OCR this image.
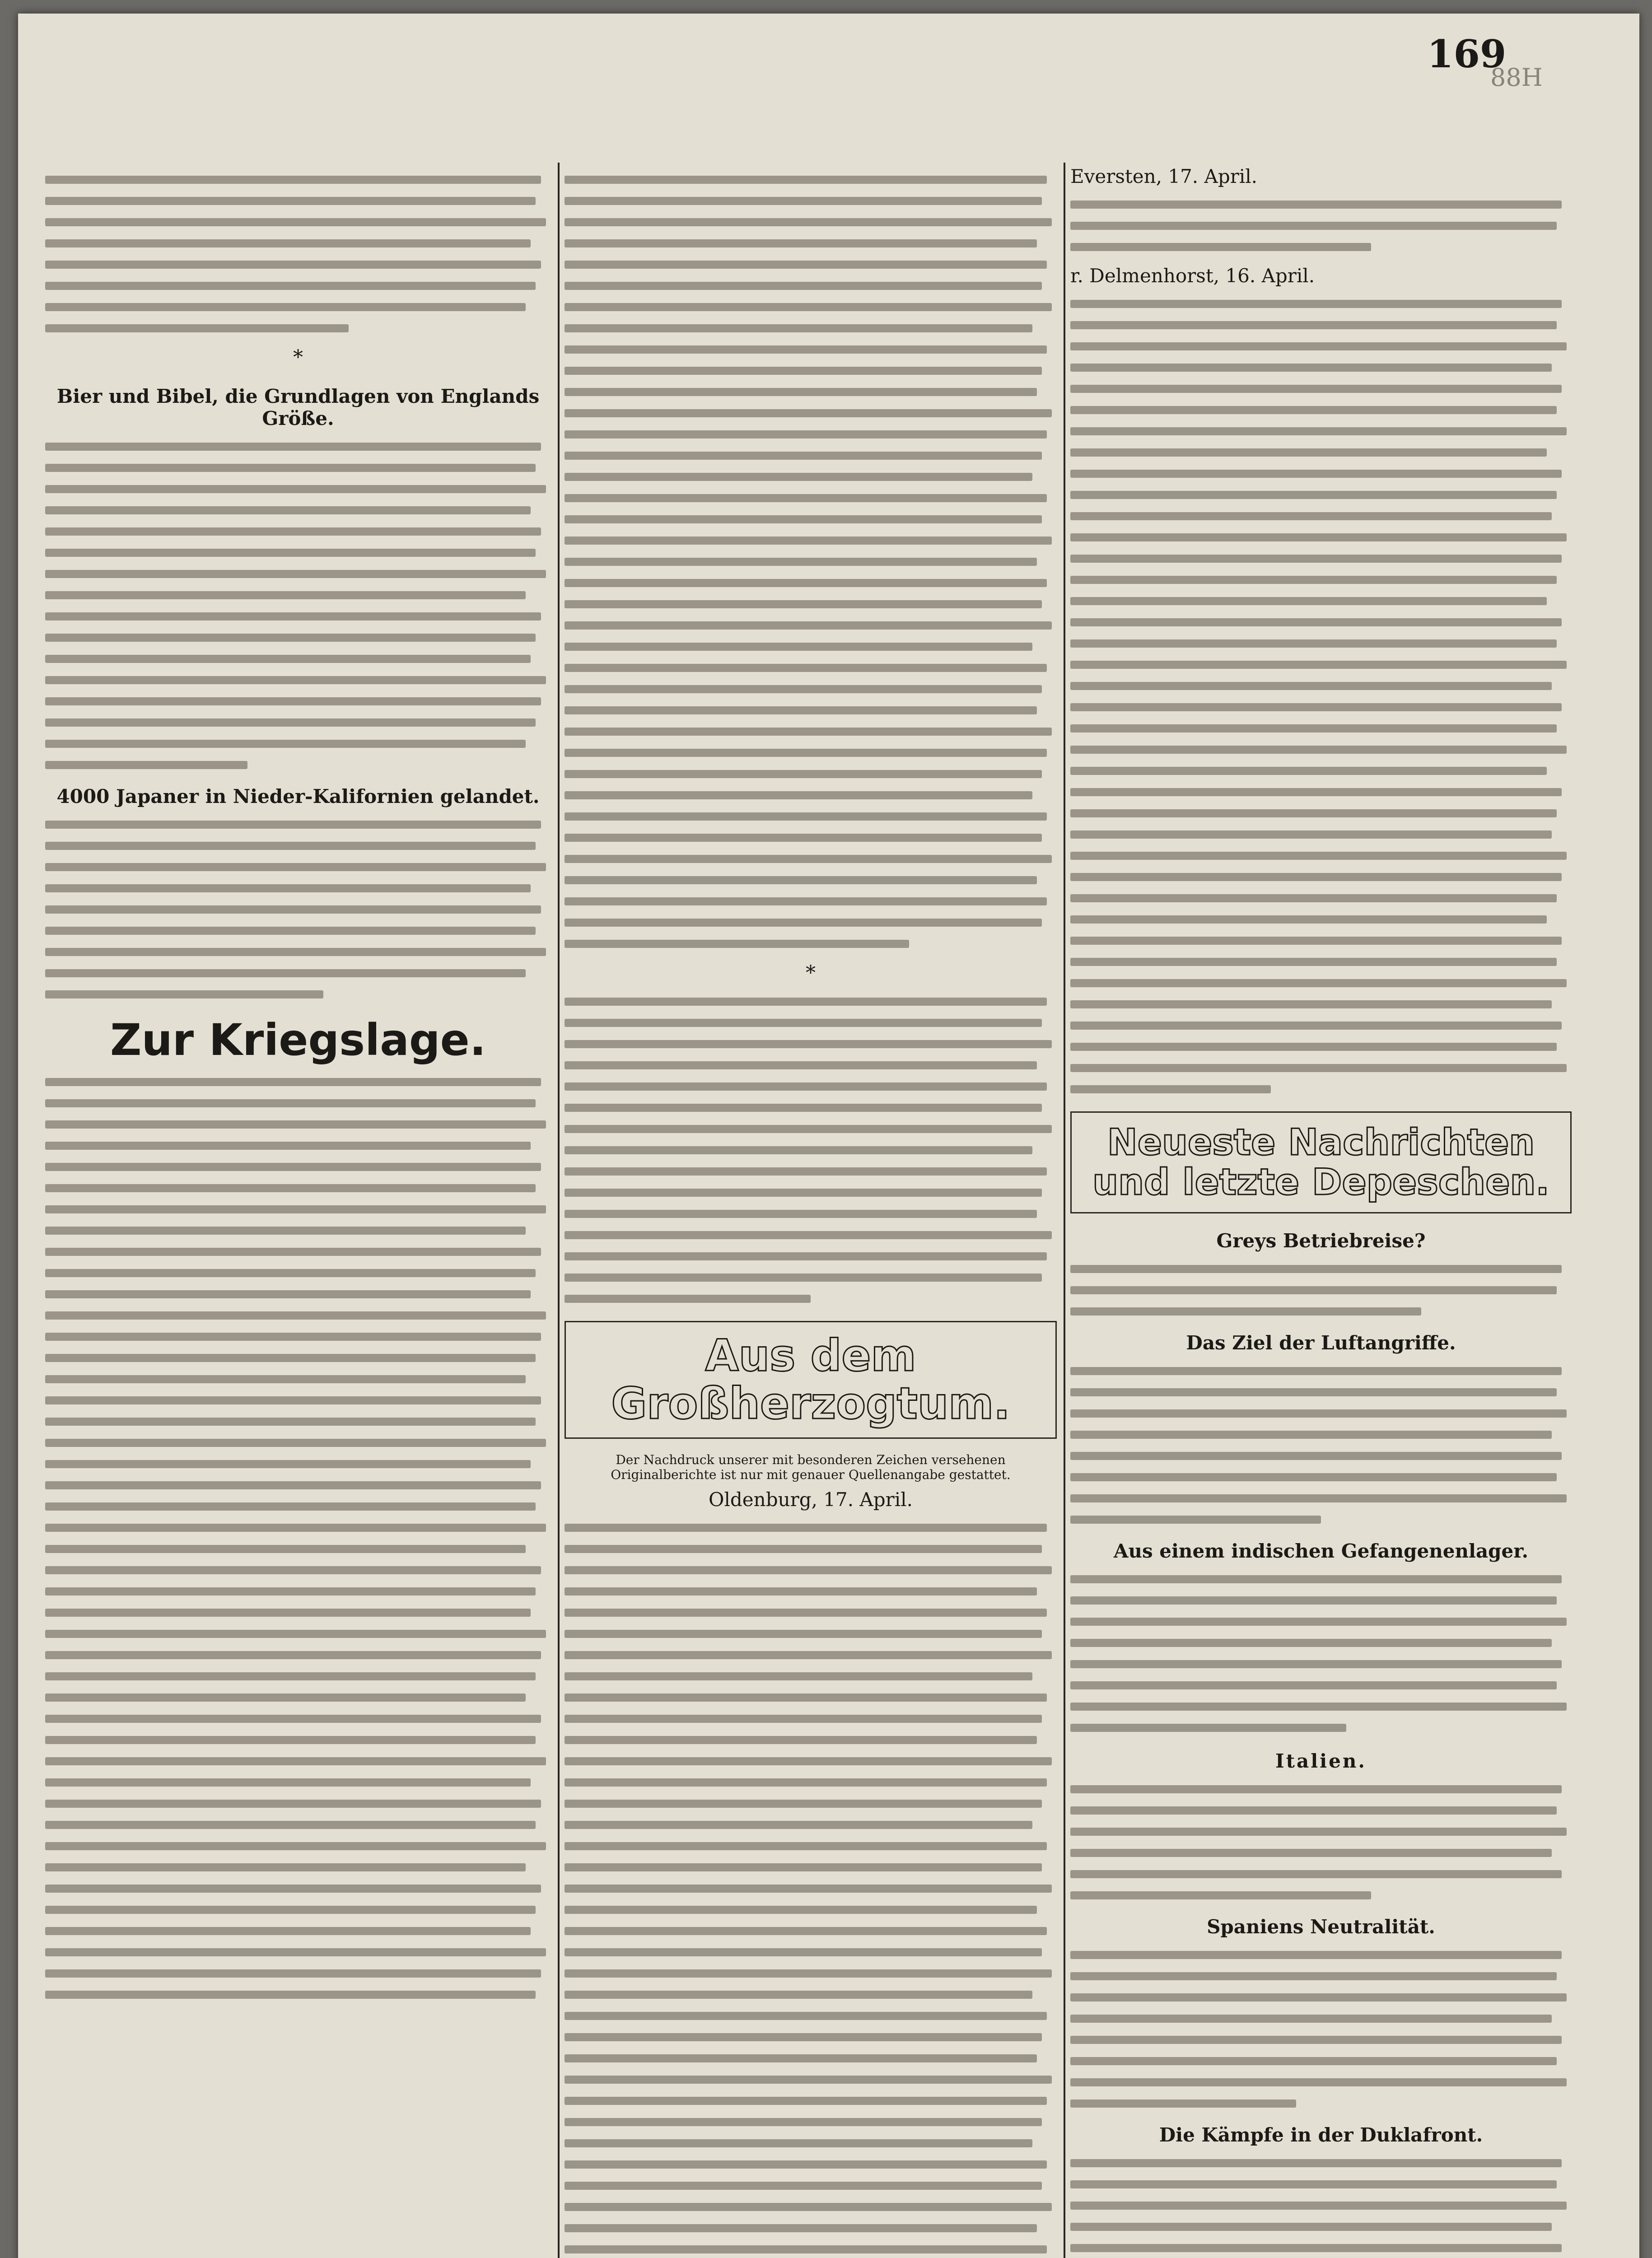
169
88H
*
Bier und Bibel, die Grundlagen von Englands Größe.
4000 Japaner in Nieder-Kalifornien gelandet.
Zur Kriegslage.
*
Aus dem Großherzogtum.
Der Nachdruck unserer mit besonderen Zeichen versehenen Originalberichte ist nur mit genauer Quellenangabe gestattet.
Oldenburg, 17. April.
Eversten, 17. April.
r. Delmenhorst, 16. April.
Neueste Nachrichten und letzte Depeschen.
Greys Betriebreise?
Das Ziel der Luftangriffe.
Aus einem indischen Gefangenenlager.
Italien.
Spaniens Neutralität.
Die Kämpfe in der Duklafront.
